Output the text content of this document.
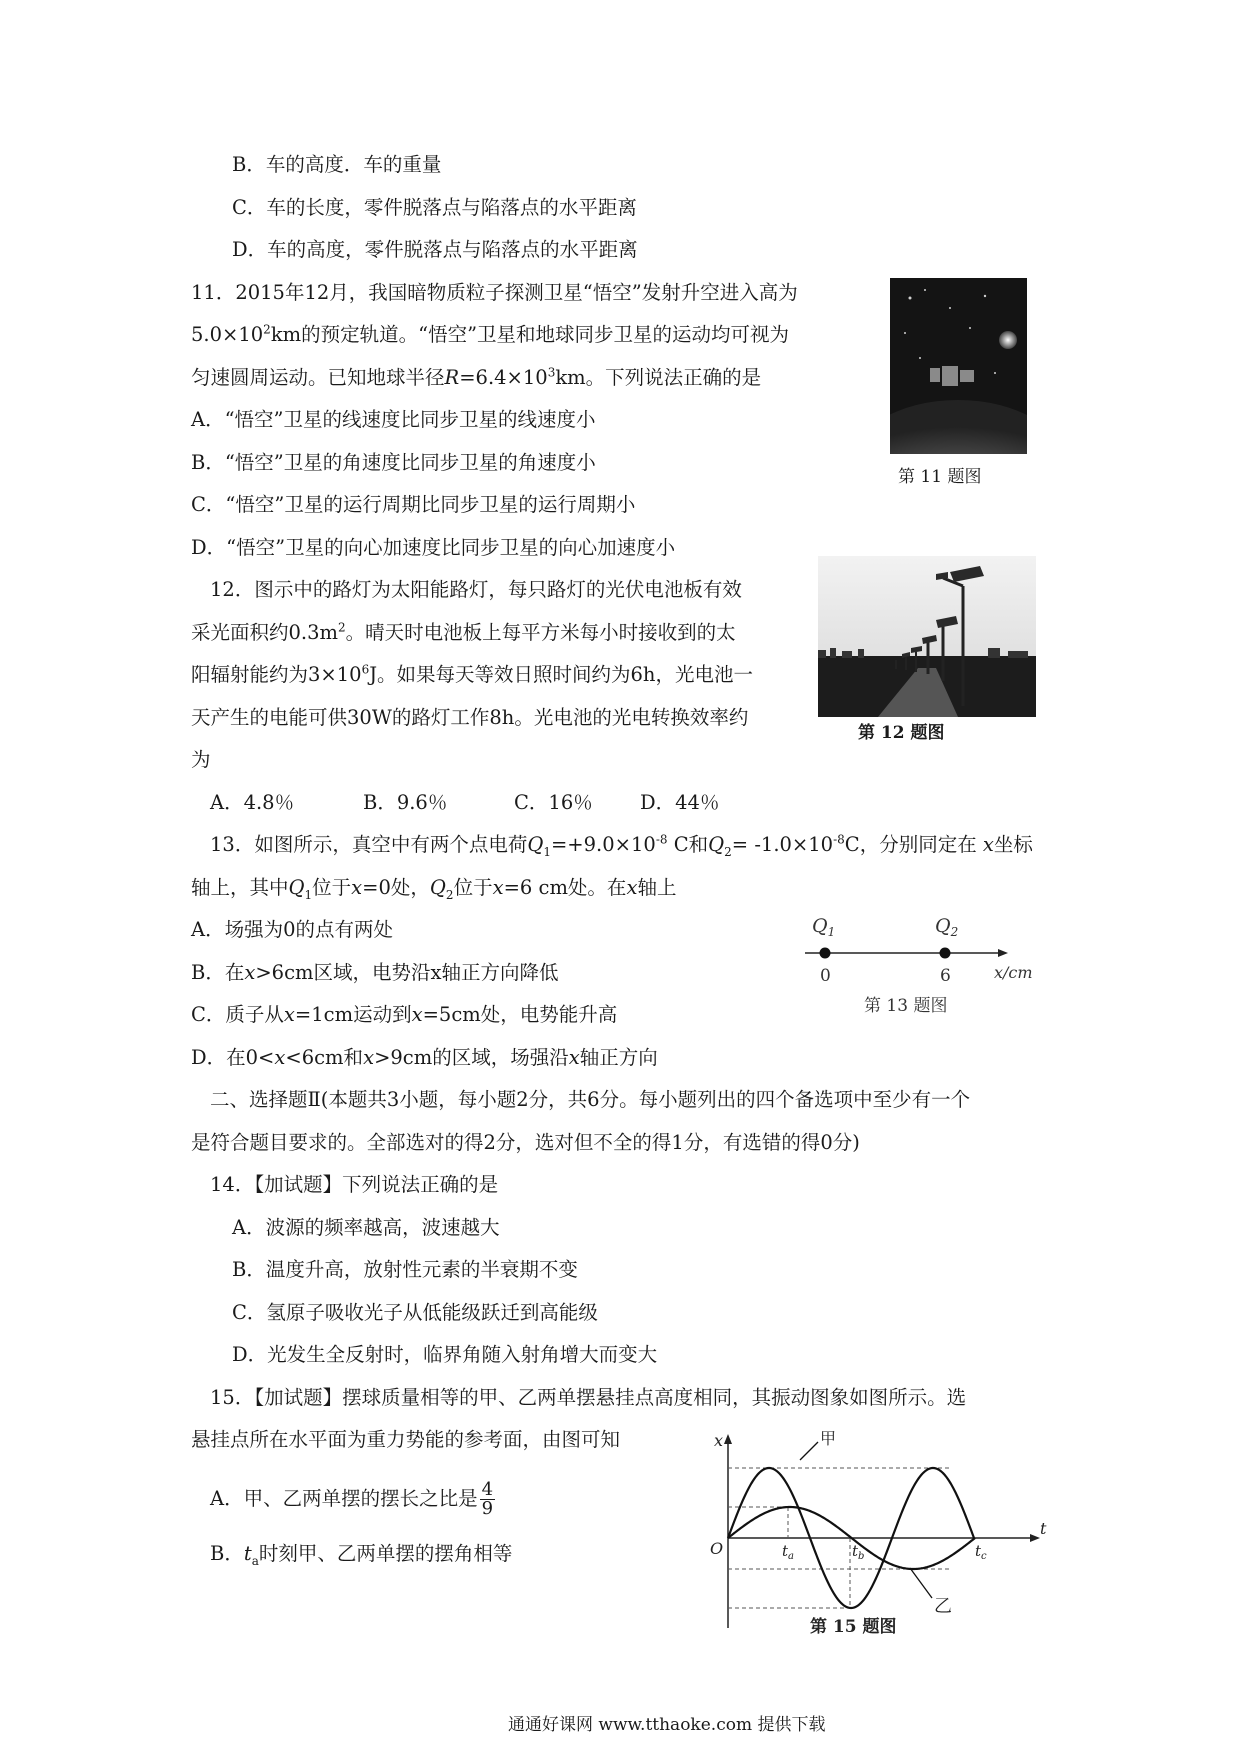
B．车的高度．车的重量
C．车的长度，零件脱落点与陷落点的水平距离
D．车的高度，零件脱落点与陷落点的水平距离
11．2015年12月，我国暗物质粒子探测卫星“悟空”发射升空进入高为
$5.0\times 10^2km$的预定轨道。“悟空”卫星和地球同步卫星的运动均可视为
匀速圆周运动。已知地球半径$R=6.4\times 10^3km$。下列说法正确的是
A．“悟空”卫星的线速度比同步卫星的线速度小
B．“悟空”卫星的角速度比同步卫星的角速度小
C．“悟空”卫星的运行周期比同步卫星的运行周期小
D．“悟空”卫星的向心加速度比同步卫星的向心加速度小
第 11 题图
12．图示中的路灯为太阳能路灯，每只路灯的光伏电池板有效
采光面积约$0.3m^2$。晴天时电池板上每平方米每小时接收到的太
阳辐射能约为$3\times 10^6J$。如果每天等效日照时间约为6h，光电池一
天产生的电能可供30W的路灯工作8h。光电池的光电转换效率约
为
A．4.8％	B．9.6％	C．16％ D．44％
第 12 题图
13．如图所示，真空中有两个点电荷$Q_1=+9.0\times 10^{-8}$ C和$Q_2= -1.0\times 10^{-8}C$，分别同定在 x坐标
轴上，其中$Q_1$位于x=0处，$Q_2$位于x=6 cm处。在x轴上
A．场强为0的点有两处
B．在x>6cm区域，电势沿x轴正方向降低
C．质子从x=1cm运动到x=5cm处，电势能升高
D．在0<x<6cm和x>9cm的区域，场强沿x轴正方向
$Q_1$	$Q_2$
0	6	x/cm
第 13 题图
二、选择题Ⅱ(本题共3小题，每小题2分，共6分。每小题列出的四个备选项中至少有一个
是符合题目要求的。全部选对的得2分，选对但不全的得1分，有选错的得0分)
14．【加试题】下列说法正确的是
A．波源的频率越高，波速越大
B．温度升高，放射性元素的半衰期不变
C．氢原子吸收光子从低能级跃迁到高能级
D．光发生全反射时，临界角随入射角增大而变大
15．【加试题】摆球质量相等的甲、乙两单摆悬挂点高度相同，其振动图象如图所示。选
悬挂点所在水平面为重力势能的参考面，由图可知
A．甲、乙两单摆的摆长之比是 $\frac{4}{9}$
B．$t_a$时刻甲、乙两单摆的摆角相等
x
t
O
甲
乙
$t_a$	$t_b$	$t_c$
第 15 题图
通通好课网 www.tthaoke.com 提供下载
